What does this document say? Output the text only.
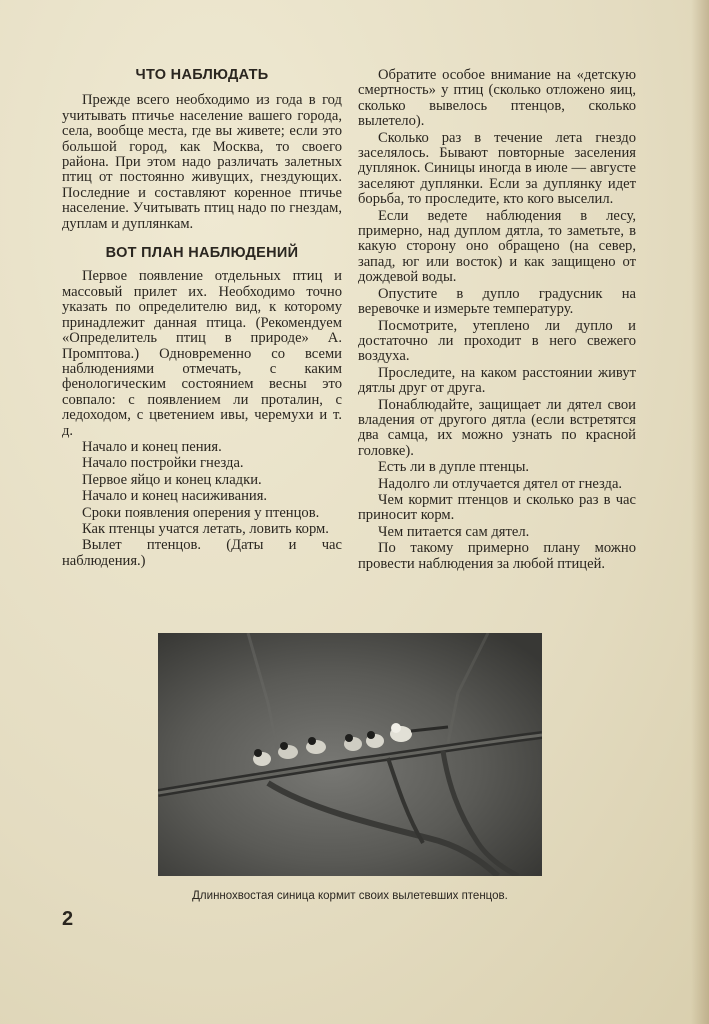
ЧТО НАБЛЮДАТЬ

Прежде всего необходимо из года в год учитывать птичье население вашего города, села, вообще места, где вы живете; если это большой город, как Москва, то своего района. При этом надо различать залетных птиц от постоянно живущих, гнездующих. Последние и составляют коренное птичье население. Учитывать птиц надо по гнездам, дуплам и дуплянкам.

ВОТ ПЛАН НАБЛЮДЕНИЙ

Первое появление отдельных птиц и массовый прилет их. Необходимо точно указать по определителю вид, к которому принадлежит данная птица. (Рекомендуем «Определитель птиц в природе» А. Промптова.) Одновременно со всеми наблюдениями отмечать, с каким фенологическим состоянием весны это совпало: с появлением ли проталин, с ледоходом, с цветением ивы, черемухи и т. д.

Начало и конец пения.

Начало постройки гнезда.

Первое яйцо и конец кладки.

Начало и конец насиживания.

Сроки появления оперения у птенцов.

Как птенцы учатся летать, ловить корм.

Вылет птенцов. (Даты и час наблюдения.)

Обратите особое внимание на «детскую смертность» у птиц (сколько отложено яиц, сколько вывелось птенцов, сколько вылетело).

Сколько раз в течение лета гнездо заселялось. Бывают повторные заселения дуплянок. Синицы иногда в июле — августе заселяют дуплянки. Если за дуплянку идет борьба, то проследите, кто кого выселил.

Если ведете наблюдения в лесу, примерно, над дуплом дятла, то заметьте, в какую сторону оно обращено (на север, запад, юг или восток) и как защищено от дождевой воды.

Опустите в дупло градусник на веревочке и измерьте температуру.

Посмотрите, утеплено ли дупло и достаточно ли проходит в него свежего воздуха.

Проследите, на каком расстоянии живут дятлы друг от друга.

Понаблюдайте, защищает ли дятел свои владения от другого дятла (если встретятся два самца, их можно узнать по красной головке).

Есть ли в дупле птенцы.

Надолго ли отлучается дятел от гнезда.

Чем кормит птенцов и сколько раз в час приносит корм.

Чем питается сам дятел.

По такому примерно плану можно провести наблюдения за любой птицей.

Длиннохвостая синица кормит своих вылетевших птенцов.
2
